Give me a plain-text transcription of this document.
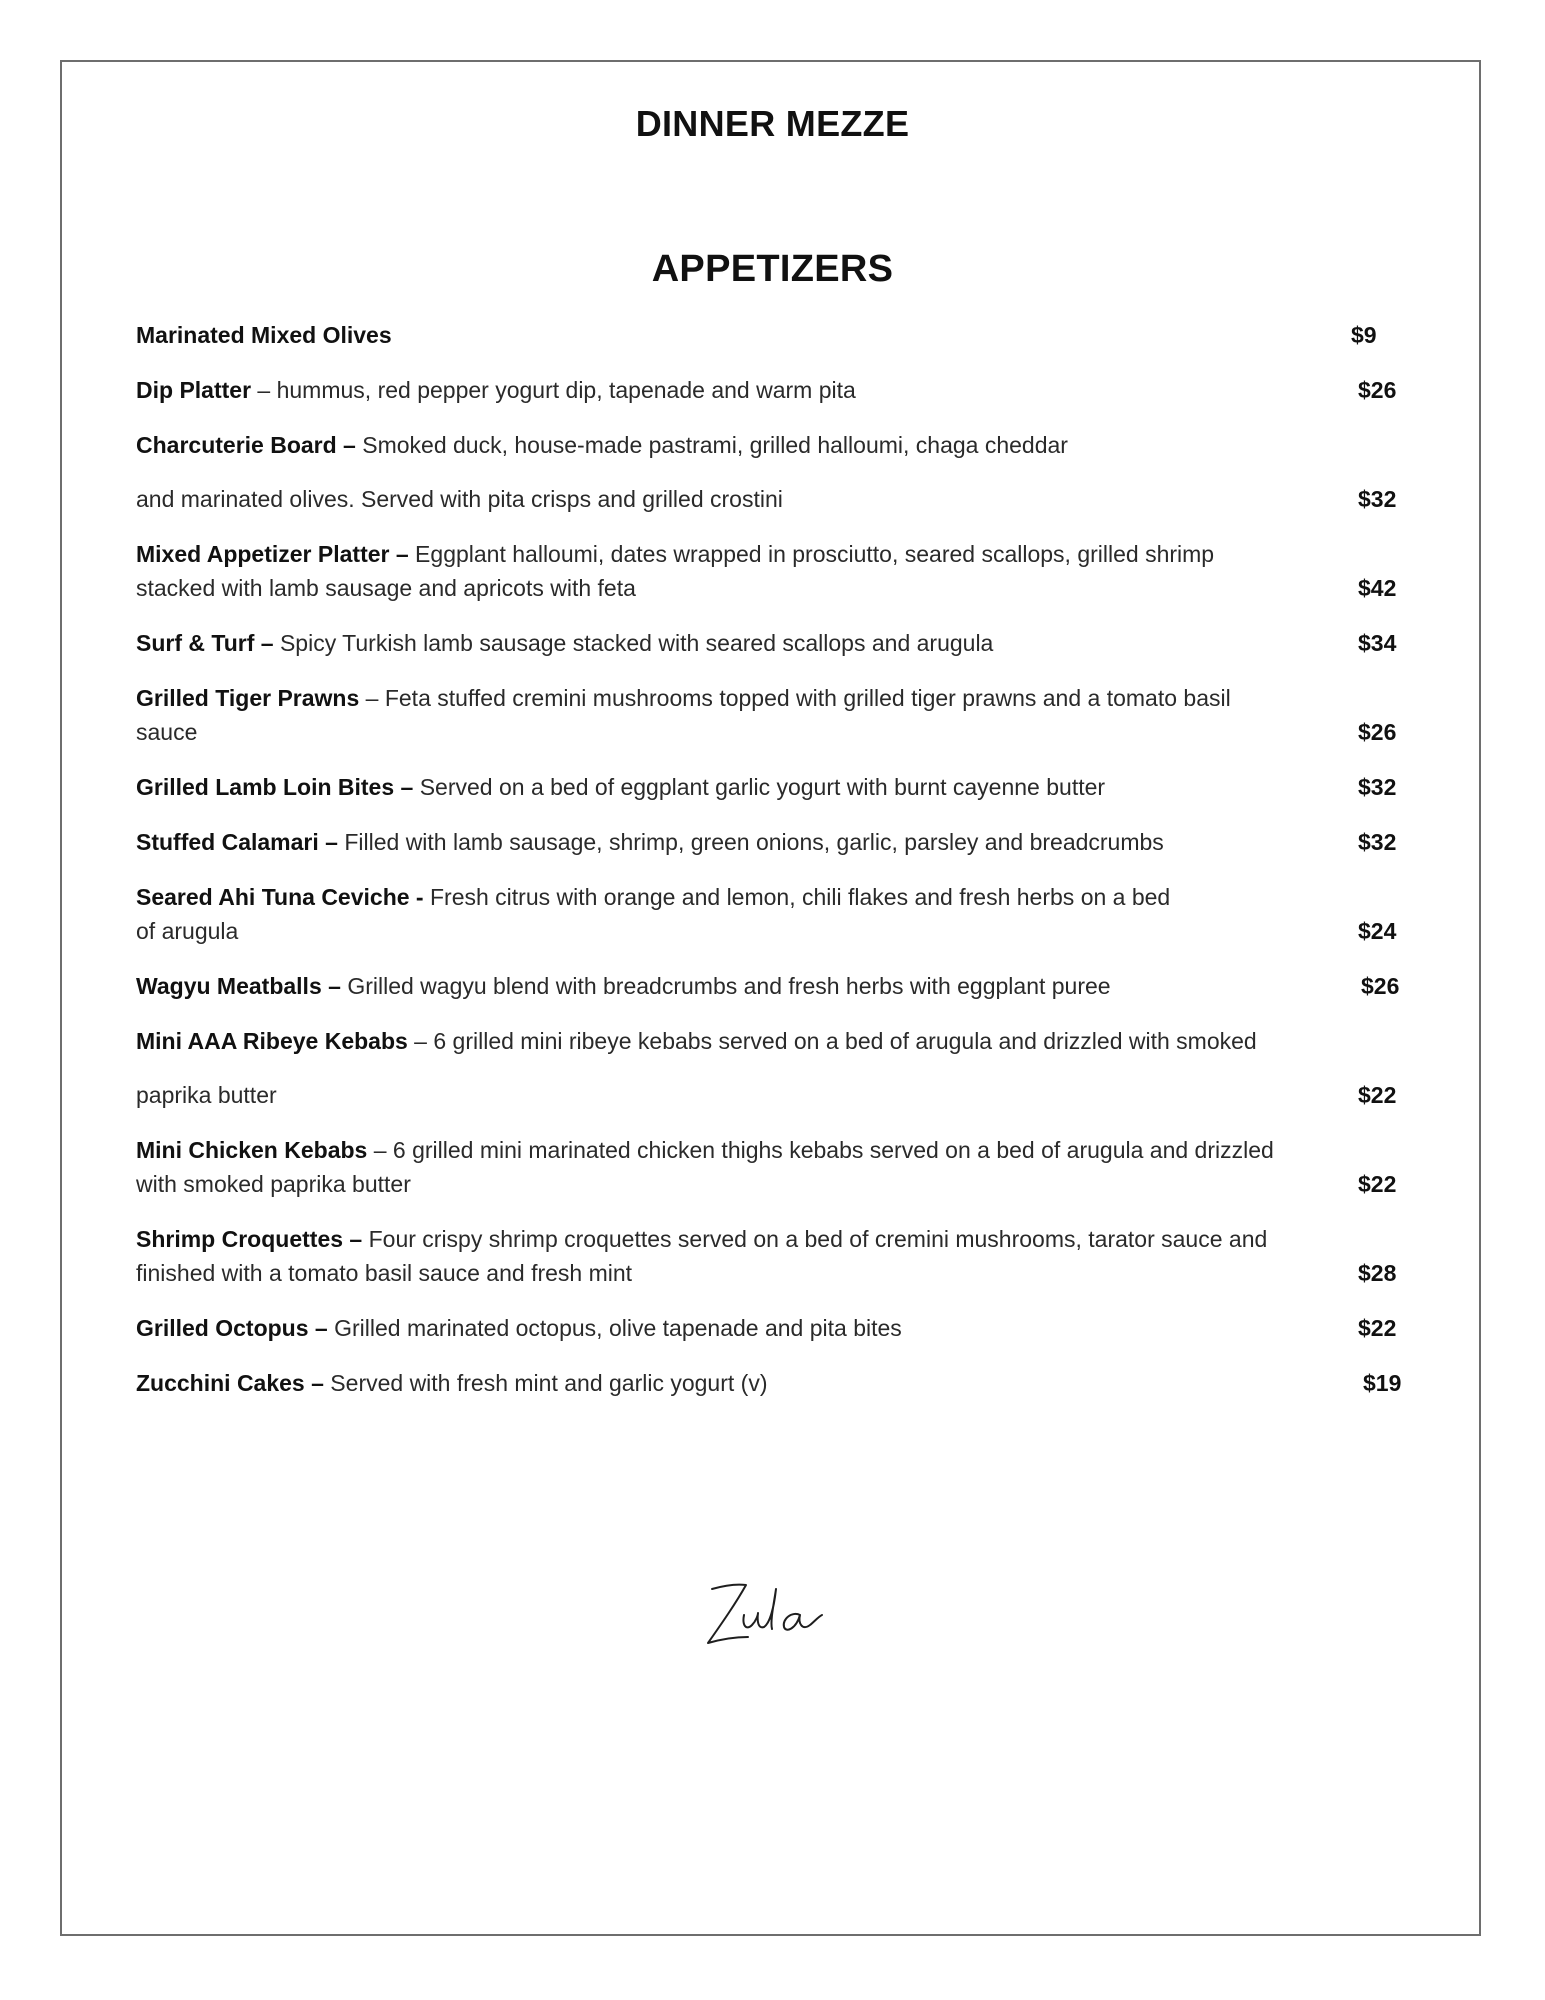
DINNER MEZZE
APPETIZERS
Marinated Mixed Olives	$9
Dip Platter – hummus, red pepper yogurt dip, tapenade and warm pita	$26
Charcuterie Board – Smoked duck, house-made pastrami, grilled halloumi, chaga cheddar
and marinated olives. Served with pita crisps and grilled crostini	$32
Mixed Appetizer Platter – Eggplant halloumi, dates wrapped in prosciutto, seared scallops, grilled shrimp
stacked with lamb sausage and apricots with feta	$42
Surf & Turf – Spicy Turkish lamb sausage stacked with seared scallops and arugula	$34
Grilled Tiger Prawns – Feta stuffed cremini mushrooms topped with grilled tiger prawns and a tomato basil
sauce	$26
Grilled Lamb Loin Bites – Served on a bed of eggplant garlic yogurt with burnt cayenne butter	$32
Stuffed Calamari – Filled with lamb sausage, shrimp, green onions, garlic, parsley and breadcrumbs	$32
Seared Ahi Tuna Ceviche - Fresh citrus with orange and lemon, chili flakes and fresh herbs on a bed
of arugula	$24
Wagyu Meatballs – Grilled wagyu blend with breadcrumbs and fresh herbs with eggplant puree	$26
Mini AAA Ribeye Kebabs – 6 grilled mini ribeye kebabs served on a bed of arugula and drizzled with smoked
paprika butter	$22
Mini Chicken Kebabs – 6 grilled mini marinated chicken thighs kebabs served on a bed of arugula and drizzled
with smoked paprika butter	$22
Shrimp Croquettes – Four crispy shrimp croquettes served on a bed of cremini mushrooms, tarator sauce and
finished with a tomato basil sauce and fresh mint	$28
Grilled Octopus – Grilled marinated octopus, olive tapenade and pita bites	$22
Zucchini Cakes – Served with fresh mint and garlic yogurt (v)	$19
